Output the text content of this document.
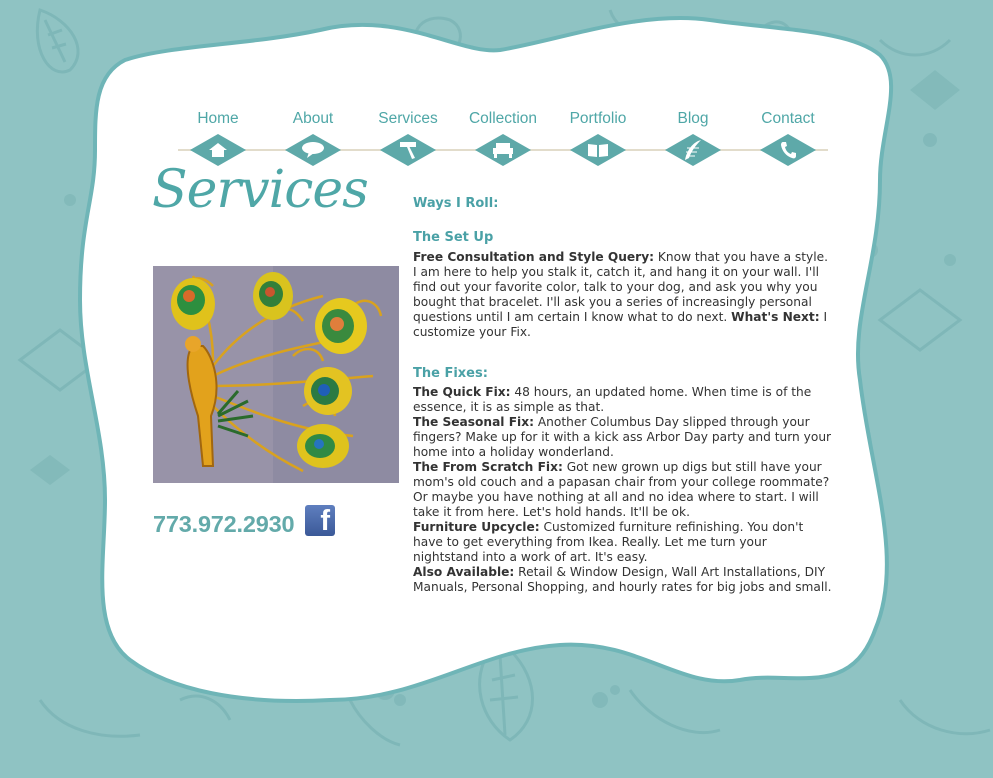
Home	About	Services	Collection	Portfolio	Blog	Contact
Services
773.972.2930 f
Ways I Roll:
The Set Up

Free Consultation and Style Query: Know that you have a style. I am here to help you stalk it, catch it, and hang it on your wall. I'll find out your favorite color, talk to your dog, and ask you why you bought that bracelet. I'll ask you a series of increasingly personal questions until I am certain I know what to do next. What's Next: I customize your Fix.

The Fixes:

The Quick Fix: 48 hours, an updated home. When time is of the essence, it is as simple as that.

The Seasonal Fix: Another Columbus Day slipped through your fingers? Make up for it with a kick ass Arbor Day party and turn your home into a holiday wonderland.

The From Scratch Fix: Got new grown up digs but still have your mom's old couch and a papasan chair from your college roommate? Or maybe you have nothing at all and no idea where to start. I will take it from here. Let's hold hands. It'll be ok.

Furniture Upcycle: Customized furniture refinishing. You don't have to get everything from Ikea. Really. Let me turn your nightstand into a work of art. It's easy.

Also Available: Retail & Window Design, Wall Art Installations, DIY Manuals, Personal Shopping, and hourly rates for big jobs and small.
